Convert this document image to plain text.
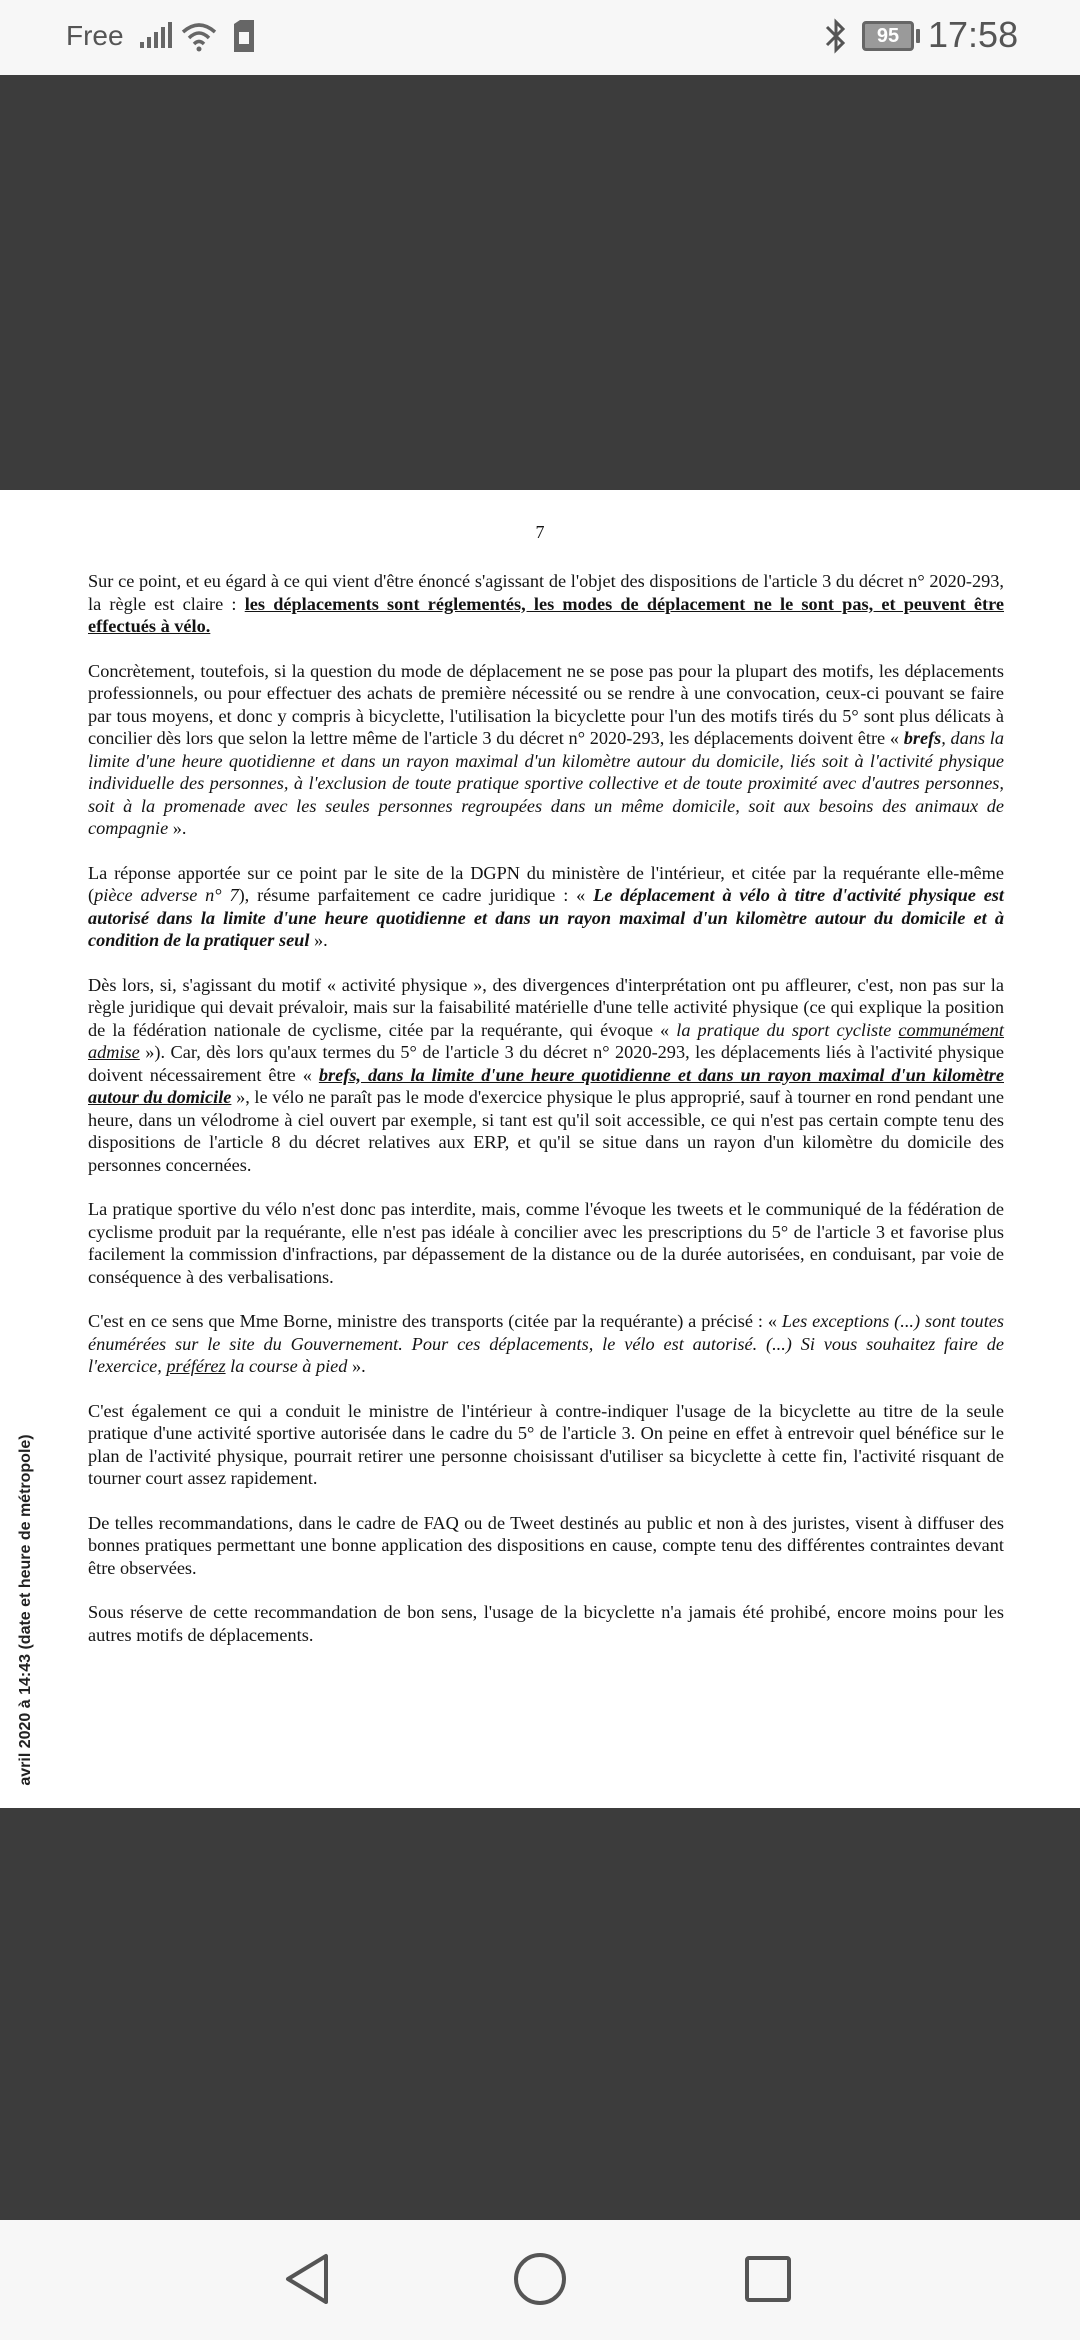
Free	95 17:58
7

Sur ce point, et eu égard à ce qui vient d'être énoncé s'agissant de l'objet des dispositions de l'article 3 du décret n° 2020-293, la règle est claire : les déplacements sont réglementés, les modes de déplacement ne le sont pas, et peuvent être effectués à vélo.

Concrètement, toutefois, si la question du mode de déplacement ne se pose pas pour la plupart des motifs, les déplacements professionnels, ou pour effectuer des achats de première nécessité ou se rendre à une convocation, ceux-ci pouvant se faire par tous moyens, et donc y compris à bicyclette, l'utilisation la bicyclette pour l'un des motifs tirés du 5° sont plus délicats à concilier dès lors que selon la lettre même de l'article 3 du décret n° 2020-293, les déplacements doivent être « brefs, dans la limite d'une heure quotidienne et dans un rayon maximal d'un kilomètre autour du domicile, liés soit à l'activité physique individuelle des personnes, à l'exclusion de toute pratique sportive collective et de toute proximité avec d'autres personnes, soit à la promenade avec les seules personnes regroupées dans un même domicile, soit aux besoins des animaux de compagnie ».

La réponse apportée sur ce point par le site de la DGPN du ministère de l'intérieur, et citée par la requérante elle-même (pièce adverse n° 7), résume parfaitement ce cadre juridique : « Le déplacement à vélo à titre d'activité physique est autorisé dans la limite d'une heure quotidienne et dans un rayon maximal d'un kilomètre autour du domicile et à condition de la pratiquer seul ».

Dès lors, si, s'agissant du motif « activité physique », des divergences d'interprétation ont pu affleurer, c'est, non pas sur la règle juridique qui devait prévaloir, mais sur la faisabilité matérielle d'une telle activité physique (ce qui explique la position de la fédération nationale de cyclisme, citée par la requérante, qui évoque « la pratique du sport cycliste communément admise »). Car, dès lors qu'aux termes du 5° de l'article 3 du décret n° 2020-293, les déplacements liés à l'activité physique doivent nécessairement être « brefs, dans la limite d'une heure quotidienne et dans un rayon maximal d'un kilomètre autour du domicile », le vélo ne paraît pas le mode d'exercice physique le plus approprié, sauf à tourner en rond pendant une heure, dans un vélodrome à ciel ouvert par exemple, si tant est qu'il soit accessible, ce qui n'est pas certain compte tenu des dispositions de l'article 8 du décret relatives aux ERP, et qu'il se situe dans un rayon d'un kilomètre du domicile des personnes concernées.

La pratique sportive du vélo n'est donc pas interdite, mais, comme l'évoque les tweets et le communiqué de la fédération de cyclisme produit par la requérante, elle n'est pas idéale à concilier avec les prescriptions du 5° de l'article 3 et favorise plus facilement la commission d'infractions, par dépassement de la distance ou de la durée autorisées, en conduisant, par voie de conséquence à des verbalisations.

C'est en ce sens que Mme Borne, ministre des transports (citée par la requérante) a précisé : « Les exceptions (...) sont toutes énumérées sur le site du Gouvernement. Pour ces déplacements, le vélo est autorisé. (...) Si vous souhaitez faire de l'exercice, préférez la course à pied ».

C'est également ce qui a conduit le ministre de l'intérieur à contre-indiquer l'usage de la bicyclette au titre de la seule pratique d'une activité sportive autorisée dans le cadre du 5° de l'article 3. On peine en effet à entrevoir quel bénéfice sur le plan de l'activité physique, pourrait retirer une personne choisissant d'utiliser sa bicyclette à cette fin, l'activité risquant de tourner court assez rapidement.

De telles recommandations, dans le cadre de FAQ ou de Tweet destinés au public et non à des juristes, visent à diffuser des bonnes pratiques permettant une bonne application des dispositions en cause, compte tenu des différentes contraintes devant être observées.

Sous réserve de cette recommandation de bon sens, l'usage de la bicyclette n'a jamais été prohibé, encore moins pour les autres motifs de déplacements.

avril 2020 à 14:43 (date et heure de métropole)
